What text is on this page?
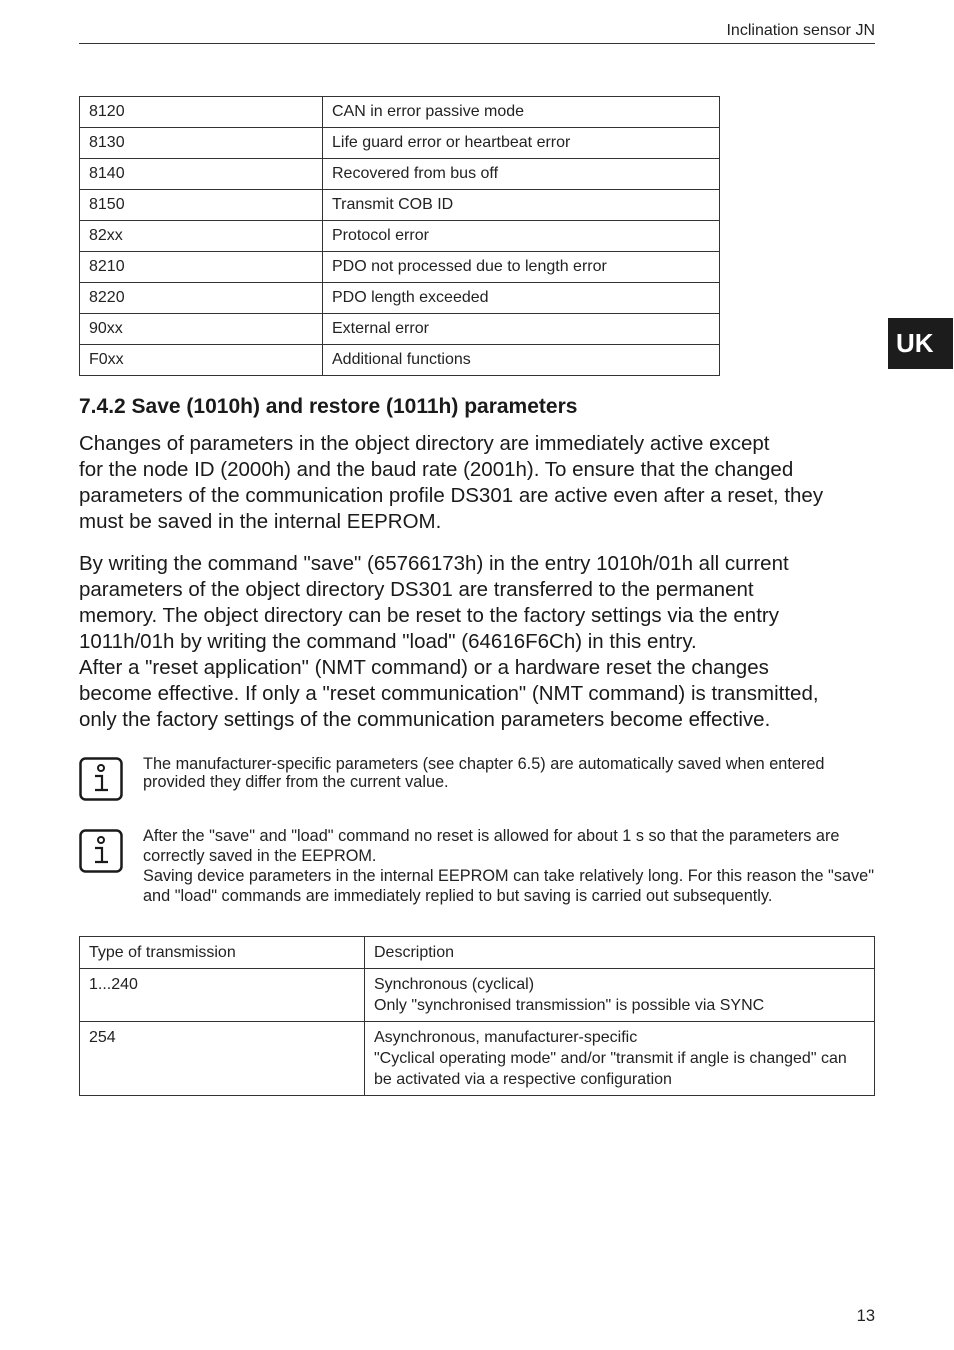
Inclination sensor JN
8120	CAN in error passive mode
8130	Life guard error or heartbeat error
8140	Recovered from bus off
8150	Transmit COB ID
82xx	Protocol error
8210	PDO not processed due to length error
8220	PDO length exceeded
90xx	External error
F0xx	Additional functions
UK
7.4.2 Save (1010h) and restore (1011h) parameters

Changes of parameters in the object directory are immediately active except
for the node ID (2000h) and the baud rate (2001h). To ensure that the changed
parameters of the communication profile DS301 are active even after a reset, they
must be saved in the internal EEPROM.

By writing the command "save" (65766173h) in the entry 1010h/01h all current
parameters of the object directory DS301 are transferred to the permanent
memory. The object directory can be reset to the factory settings via the entry
1011h/01h by writing the command "load" (64616F6Ch) in this entry.
After a "reset application" (NMT command) or a hardware reset the changes
become effective. If only a "reset communication" (NMT command) is transmitted,
only the factory settings of the communication parameters become effective.

The manufacturer-specific parameters (see chapter 6.5) are automatically saved when entered
provided they differ from the current value.

After the "save" and "load" command no reset is allowed for about 1 s so that the parameters are
correctly saved in the EEPROM.
Saving device parameters in the internal EEPROM can take relatively long. For this reason the "save"
and "load" commands are immediately replied to but saving is carried out subsequently.

Type of transmission	Description
1...240	Synchronous (cyclical)
Only "synchronised transmission" is possible via SYNC
254	Asynchronous, manufacturer-specific
"Cyclical operating mode" and/or "transmit if angle is changed" can
be activated via a respective configuration
13
